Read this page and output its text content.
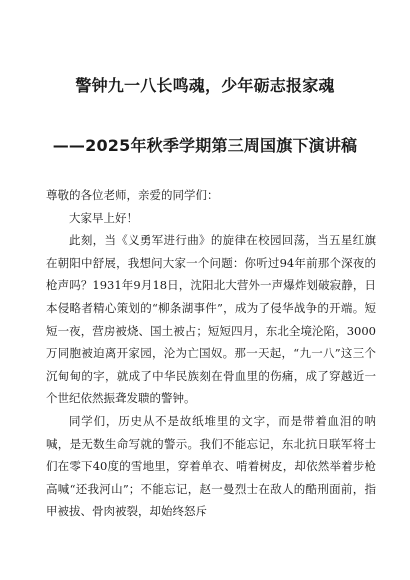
警钟九一八长鸣魂，少年砺志报家魂
——2025年秋季学期第三周国旗下演讲稿

尊敬的各位老师，亲爱的同学们：

大家早上好！

此刻，当《义勇军进行曲》的旋律在校园回荡，当五星红旗在朝阳中舒展，我想问大家一个问题：你听过94年前那个深夜的枪声吗？1931年9月18日，沈阳北大营外一声爆炸划破寂静，日本侵略者精心策划的“柳条湖事件”，成为了侵华战争的开端。短短一夜，营房被烧、国土被占；短短四月，东北全境沦陷，3000万同胞被迫离开家园，沦为亡国奴。那一天起，“九一八”这三个沉甸甸的字，就成了中华民族刻在骨血里的伤痛，成了穿越近一个世纪依然振聋发聩的警钟。

同学们，历史从不是故纸堆里的文字，而是带着血泪的呐喊，是无数生命写就的警示。我们不能忘记，东北抗日联军将士们在零下40度的雪地里，穿着单衣、啃着树皮，却依然举着步枪高喊“还我河山”；不能忘记，赵一曼烈士在敌人的酷刑面前，指甲被拔、骨肉被裂，却始终怒斥
